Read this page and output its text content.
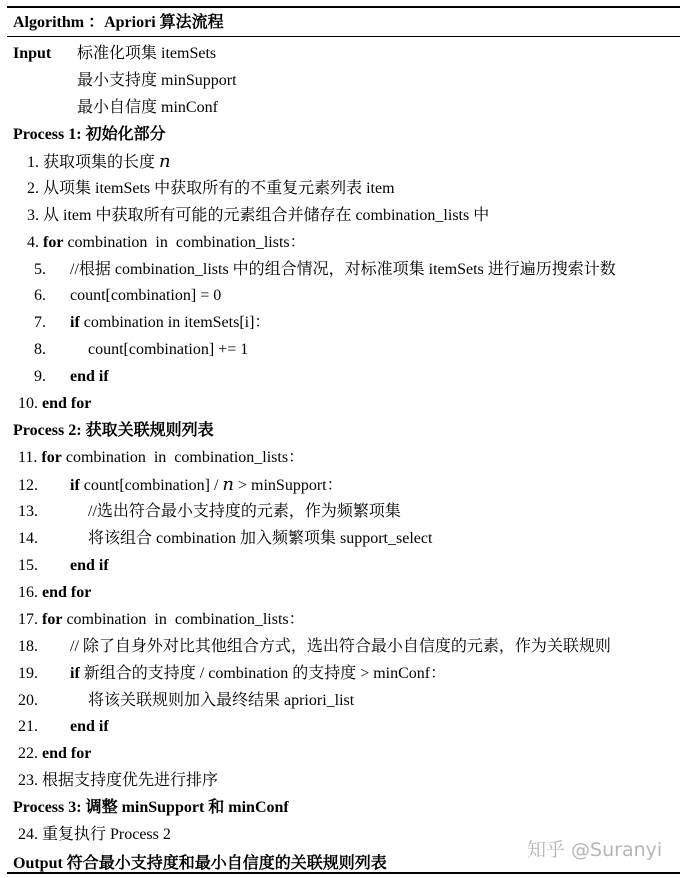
Algorithm ：Apriori 算法流程
Input 标准化项集 itemSets
最小支持度 minSupport
最小自信度 minConf
Process 1: 初始化部分
1. 获取项集的长度 n
2. 从项集 itemSets 中获取所有的不重复元素列表 item
3. 从 item 中获取所有可能的元素组合并储存在 combination_lists 中
4. for combination in combination_lists：
5. //根据 combination_lists 中的组合情况，对标准项集 itemSets 进行遍历搜索计数
6. count[combination] = 0
7. if combination in itemSets[i]：
8.	count[combination] += 1
9. end if
10. end for
Process 2: 获取关联规则列表
11. for combination in combination_lists：
12. if count[combination] / n > minSupport：
13.	//选出符合最小支持度的元素，作为频繁项集
14.	将该组合 combination 加入频繁项集 support_select
15. end if
16. end for
17. for combination in combination_lists：
18. // 除了自身外对比其他组合方式，选出符合最小自信度的元素，作为关联规则
19. if 新组合的支持度 / combination 的支持度 > minConf：
20.	将该关联规则加入最终结果 apriori_list
21. end if
22. end for
23. 根据支持度优先进行排序
Process 3: 调整 minSupport 和 minConf
24. 重复执行 Process 2
Output 符合最小支持度和最小自信度的关联规则列表
知乎 @Suranyi
